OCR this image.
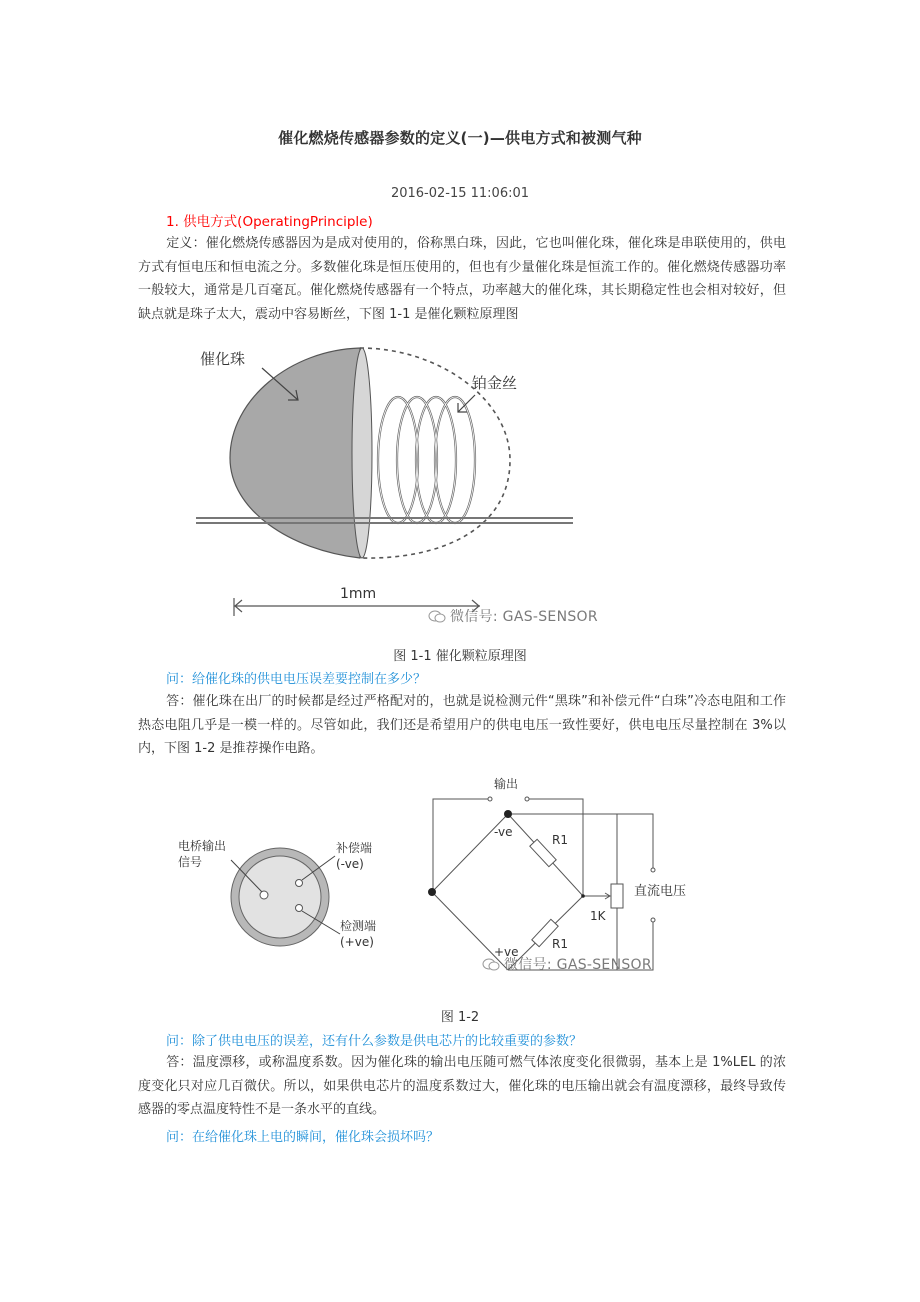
催化燃烧传感器参数的定义(一)—供电方式和被测气种
2016-02-15 11:06:01
1. 供电方式(OperatingPrinciple)
定义：催化燃烧传感器因为是成对使用的，俗称黑白珠，因此，它也叫催化珠，催化珠是串联使用的，供电方式有恒电压和恒电流之分。多数催化珠是恒压使用的，但也有少量催化珠是恒流工作的。催化燃烧传感器功率一般较大，通常是几百毫瓦。催化燃烧传感器有一个特点，功率越大的催化珠，其长期稳定性也会相对较好，但缺点就是珠子太大，震动中容易断丝，下图 1-1 是催化颗粒原理图
催化珠
铂金丝
1mm
微信号: GAS-SENSOR
图 1-1 催化颗粒原理图
问：给催化珠的供电电压误差要控制在多少？
答：催化珠在出厂的时候都是经过严格配对的，也就是说检测元件“黑珠”和补偿元件“白珠”冷态电阻和工作热态电阻几乎是一模一样的。尽管如此，我们还是希望用户的供电电压一致性要好，供电电压尽量控制在 3%以内，下图 1-2 是推荐操作电路。
电桥输出
信号
补偿端
(-ve)
检测端
(+ve)
输出
-ve
R1
R1
+ve
1K
直流电压
微信号: GAS-SENSOR
图 1-2
问：除了供电电压的误差，还有什么参数是供电芯片的比较重要的参数？
答：温度漂移，或称温度系数。因为催化珠的输出电压随可燃气体浓度变化很微弱，基本上是 1%LEL 的浓度变化只对应几百微伏。所以，如果供电芯片的温度系数过大，催化珠的电压输出就会有温度漂移，最终导致传感器的零点温度特性不是一条水平的直线。
问：在给催化珠上电的瞬间，催化珠会损坏吗？
